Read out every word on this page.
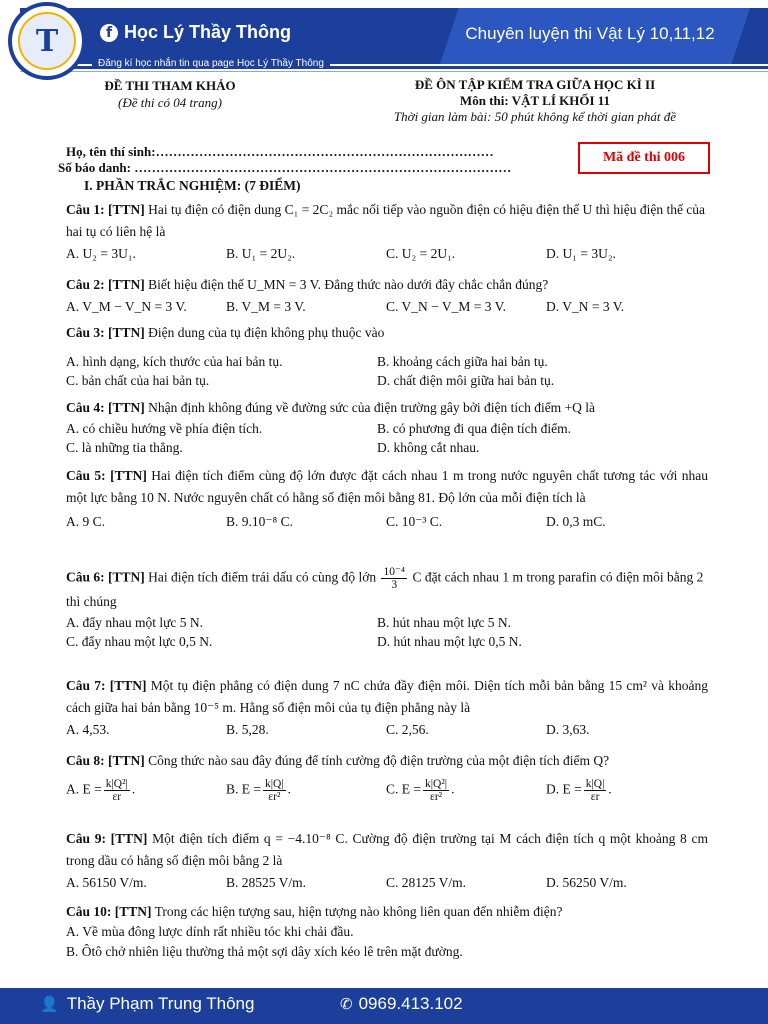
T	f Học Lý Thầy Thông
Đăng kí học nhắn tin qua page Học Lý Thầy Thông
Chuyên luyện thi Vật Lý 10,11,12
ĐỀ THI THAM KHẢO
(Đề thi có 04 trang)
ĐỀ ÔN TẬP KIỂM TRA GIỮA HỌC KÌ II
Môn thi: VẬT LÍ KHỐI 11
Thời gian làm bài: 50 phút không kể thời gian phát đề
Họ, tên thí sinh:……………………………………………………………………
Số báo danh: ……………………………………………………………………………
Mã đề thi 006
I. PHẦN TRẮC NGHIỆM: (7 ĐIỂM)
Câu 1: [TTN] Hai tụ điện có điện dung C₁ = 2C₂ mắc nối tiếp vào nguồn điện có hiệu điện thế U thì hiệu điện thế của hai tụ có liên hệ là
A. U₂ = 3U₁.	B. U₁ = 2U₂.	C. U₂ = 2U₁.	D. U₁ = 3U₂.
Câu 2: [TTN] Biết hiệu điện thế U_MN = 3 V. Đẳng thức nào dưới đây chắc chắn đúng?
A. V_M − V_N = 3 V.	B. V_M = 3 V.	C. V_N − V_M = 3 V.	D. V_N = 3 V.
Câu 3: [TTN] Điện dung của tụ điện không phụ thuộc vào
A. hình dạng, kích thước của hai bản tụ.	B. khoảng cách giữa hai bản tụ.
C. bản chất của hai bản tụ.	D. chất điện môi giữa hai bản tụ.
Câu 4: [TTN] Nhận định không đúng về đường sức của điện trường gây bởi điện tích điểm +Q là
A. có chiều hướng về phía điện tích.	B. có phương đi qua điện tích điểm.
C. là những tia thẳng.	D. không cắt nhau.
Câu 5: [TTN] Hai điện tích điểm cùng độ lớn được đặt cách nhau 1 m trong nước nguyên chất tương tác với nhau một lực bằng 10 N. Nước nguyên chất có hằng số điện môi bằng 81. Độ lớn của mỗi điện tích là
A. 9 C.	B. 9.10⁻⁸ C.	C. 10⁻³ C.	D. 0,3 mC.
Câu 6: [TTN] Hai điện tích điểm trái dấu có cùng độ lớn $\frac{\text{10⁻⁴}}{3}$ C đặt cách nhau 1 m trong parafin có điện môi bằng 2 thì chúng
A. đẩy nhau một lực 5 N.	B. hút nhau một lực 5 N.
C. đẩy nhau một lực 0,5 N.	D. hút nhau một lực 0,5 N.
Câu 7: [TTN] Một tụ điện phẳng có điện dung 7 nC chứa đầy điện môi. Diện tích mỗi bản bằng 15 cm² và khoảng cách giữa hai bản bằng 10⁻⁵ m. Hằng số điện môi của tụ điện phẳng này là
A. 4,53.	B. 5,28.	C. 2,56.	D. 3,63.
Câu 8: [TTN] Công thức nào sau đây đúng để tính cường độ điện trường của một điện tích điểm Q?
A. $E = \frac{\text{k|Q²|}}{\varepsilon r}$ .	B. $E = \frac{k|Q|}{\text{εr²}}$ .	C. $E = \frac{\text{k|Q²|}}{\text{εr²}}$ .	D. $E = \frac{k|Q|}{\varepsilon r}$ .
Câu 9: [TTN] Một điện tích điểm q = −4.10⁻⁸ C. Cường độ điện trường tại M cách điện tích q một khoảng 8 cm trong dầu có hằng số điện môi bằng 2 là
A. 56150 V/m.	B. 28525 V/m.	C. 28125 V/m.	D. 56250 V/m.
Câu 10: [TTN] Trong các hiện tượng sau, hiện tượng nào không liên quan đến nhiễm điện?
A. Về mùa đông lược dính rất nhiều tóc khi chải đầu.
B. Ôtô chở nhiên liệu thường thả một sợi dây xích kéo lê trên mặt đường.
👤 Thầy Phạm Trung Thông	✆ 0969.413.102
